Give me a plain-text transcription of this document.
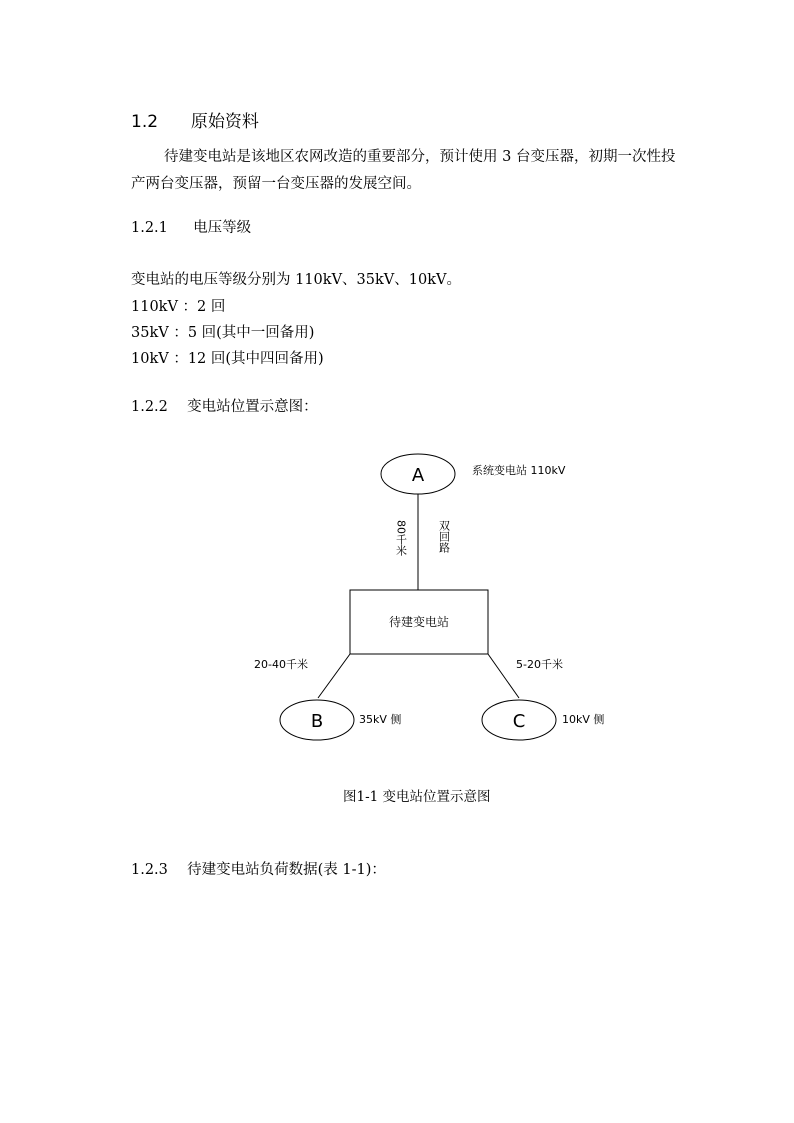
1.2 原始资料
待建变电站是该地区农网改造的重要部分，预计使用 3 台变压器，初期一次性投
产两台变压器，预留一台变压器的发展空间。
1.2.1 电压等级
变电站的电压等级分别为 110kV、35kV、10kV。
110kV ：2 回
35kV ：5 回(其中一回备用)
10kV ：12 回(其中四回备用)
1.2.2 变电站位置示意图：
A	系统变电站 110kV
80千米	双回路
待建变电站
20-40千米	5-20千米
B	35kV 侧	C	10kV 侧
图1-1 变电站位置示意图
1.2.3 待建变电站负荷数据(表 1-1)：
